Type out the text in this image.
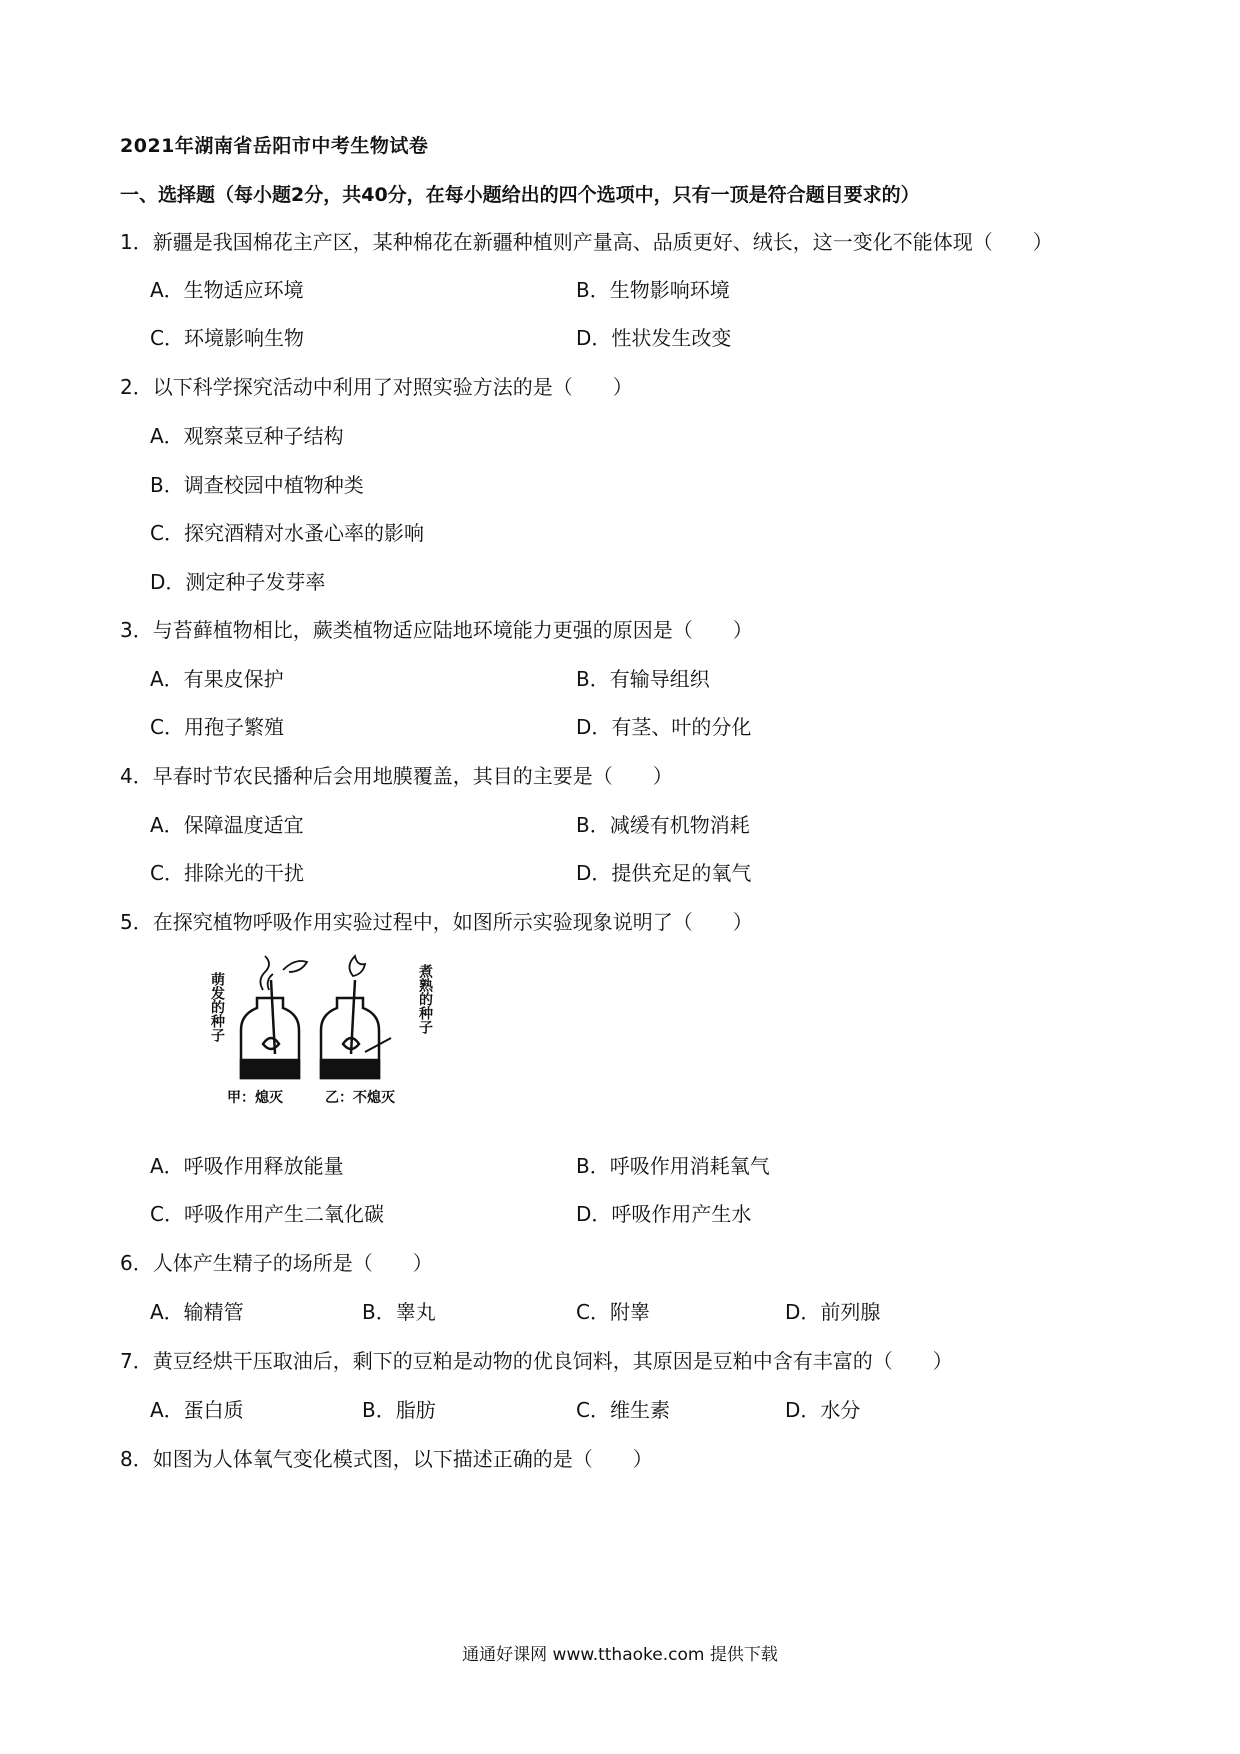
2021年湖南省岳阳市中考生物试卷
一、选择题（每小题2分，共40分，在每小题给出的四个选项中，只有一顶是符合题目要求的）
1．新疆是我国棉花主产区，某种棉花在新疆种植则产量高、品质更好、绒长，这一变化不能体现（　　）
A．生物适应环境	B．生物影响环境
C．环境影响生物	D．性状发生改变
2．以下科学探究活动中利用了对照实验方法的是（　　）
A．观察菜豆种子结构
B．调查校园中植物种类
C．探究酒精对水蚤心率的影响
D．测定种子发芽率
3．与苔藓植物相比，蕨类植物适应陆地环境能力更强的原因是（　　）
A．有果皮保护	B．有输导组织
C．用孢子繁殖	D．有茎、叶的分化
4．早春时节农民播种后会用地膜覆盖，其目的主要是（　　）
A．保障温度适宜	B．减缓有机物消耗
C．排除光的干扰	D．提供充足的氧气
5．在探究植物呼吸作用实验过程中，如图所示实验现象说明了（　　）
萌发的种子	煮熟的种子
甲：熄灭	乙：不熄灭
A．呼吸作用释放能量	B．呼吸作用消耗氧气
C．呼吸作用产生二氧化碳	D．呼吸作用产生水
6．人体产生精子的场所是（　　）
A．输精管	B．睾丸	C．附睾	D．前列腺
7．黄豆经烘干压取油后，剩下的豆粕是动物的优良饲料，其原因是豆粕中含有丰富的（　　）
A．蛋白质	B．脂肪	C．维生素	D．水分
8．如图为人体氧气变化模式图，以下描述正确的是（　　）
通通好课网 www.tthaoke.com 提供下载
